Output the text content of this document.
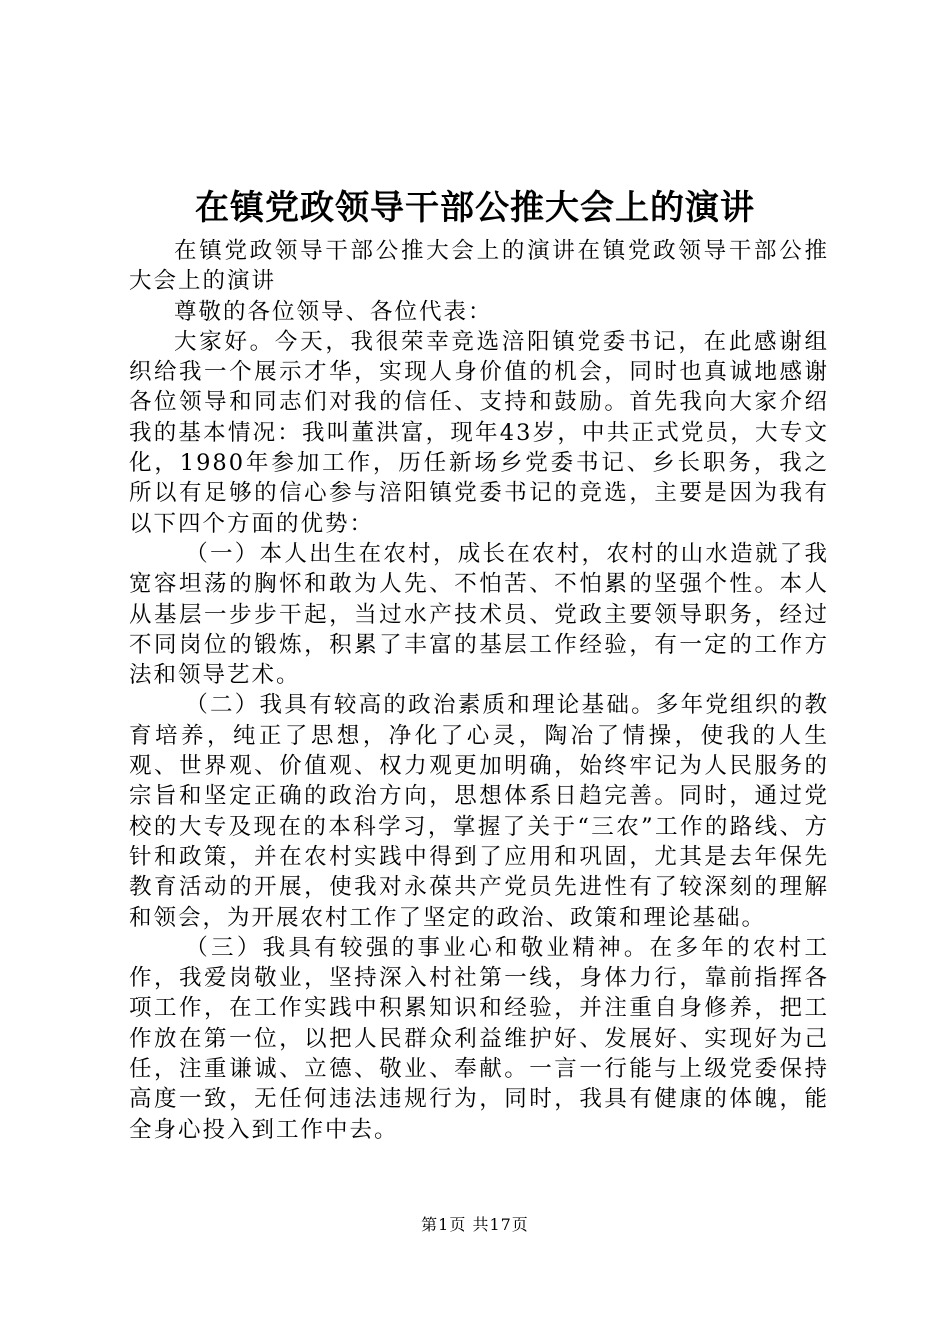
在镇党政领导干部公推大会上的演讲

在镇党政领导干部公推大会上的演讲在镇党政领导干部公推大会上的演讲

尊敬的各位领导、各位代表：

大家好。今天，我很荣幸竞选涪阳镇党委书记，在此感谢组织给我一个展示才华，实现人身价值的机会，同时也真诚地感谢各位领导和同志们对我的信任、支持和鼓励。首先我向大家介绍我的基本情况：我叫董洪富，现年43岁，中共正式党员，大专文化，1980年参加工作，历任新场乡党委书记、乡长职务，我之所以有足够的信心参与涪阳镇党委书记的竞选，主要是因为我有以下四个方面的优势：

（一）本人出生在农村，成长在农村，农村的山水造就了我宽容坦荡的胸怀和敢为人先、不怕苦、不怕累的坚强个性。本人从基层一步步干起，当过水产技术员、党政主要领导职务，经过不同岗位的锻炼，积累了丰富的基层工作经验，有一定的工作方法和领导艺术。

（二）我具有较高的政治素质和理论基础。多年党组织的教育培养，纯正了思想，净化了心灵，陶冶了情操，使我的人生观、世界观、价值观、权力观更加明确，始终牢记为人民服务的宗旨和坚定正确的政治方向，思想体系日趋完善。同时，通过党校的大专及现在的本科学习，掌握了关于“三农”工作的路线、方针和政策，并在农村实践中得到了应用和巩固，尤其是去年保先教育活动的开展，使我对永葆共产党员先进性有了较深刻的理解和领会，为开展农村工作了坚定的政治、政策和理论基础。

（三）我具有较强的事业心和敬业精神。在多年的农村工作，我爱岗敬业，坚持深入村社第一线，身体力行，靠前指挥各项工作，在工作实践中积累知识和经验，并注重自身修养，把工作放在第一位，以把人民群众利益维护好、发展好、实现好为己任，注重谦诚、立德、敬业、奉献。一言一行能与上级党委保持高度一致，无任何违法违规行为，同时，我具有健康的体魄，能全身心投入到工作中去。

第1页 共17页
